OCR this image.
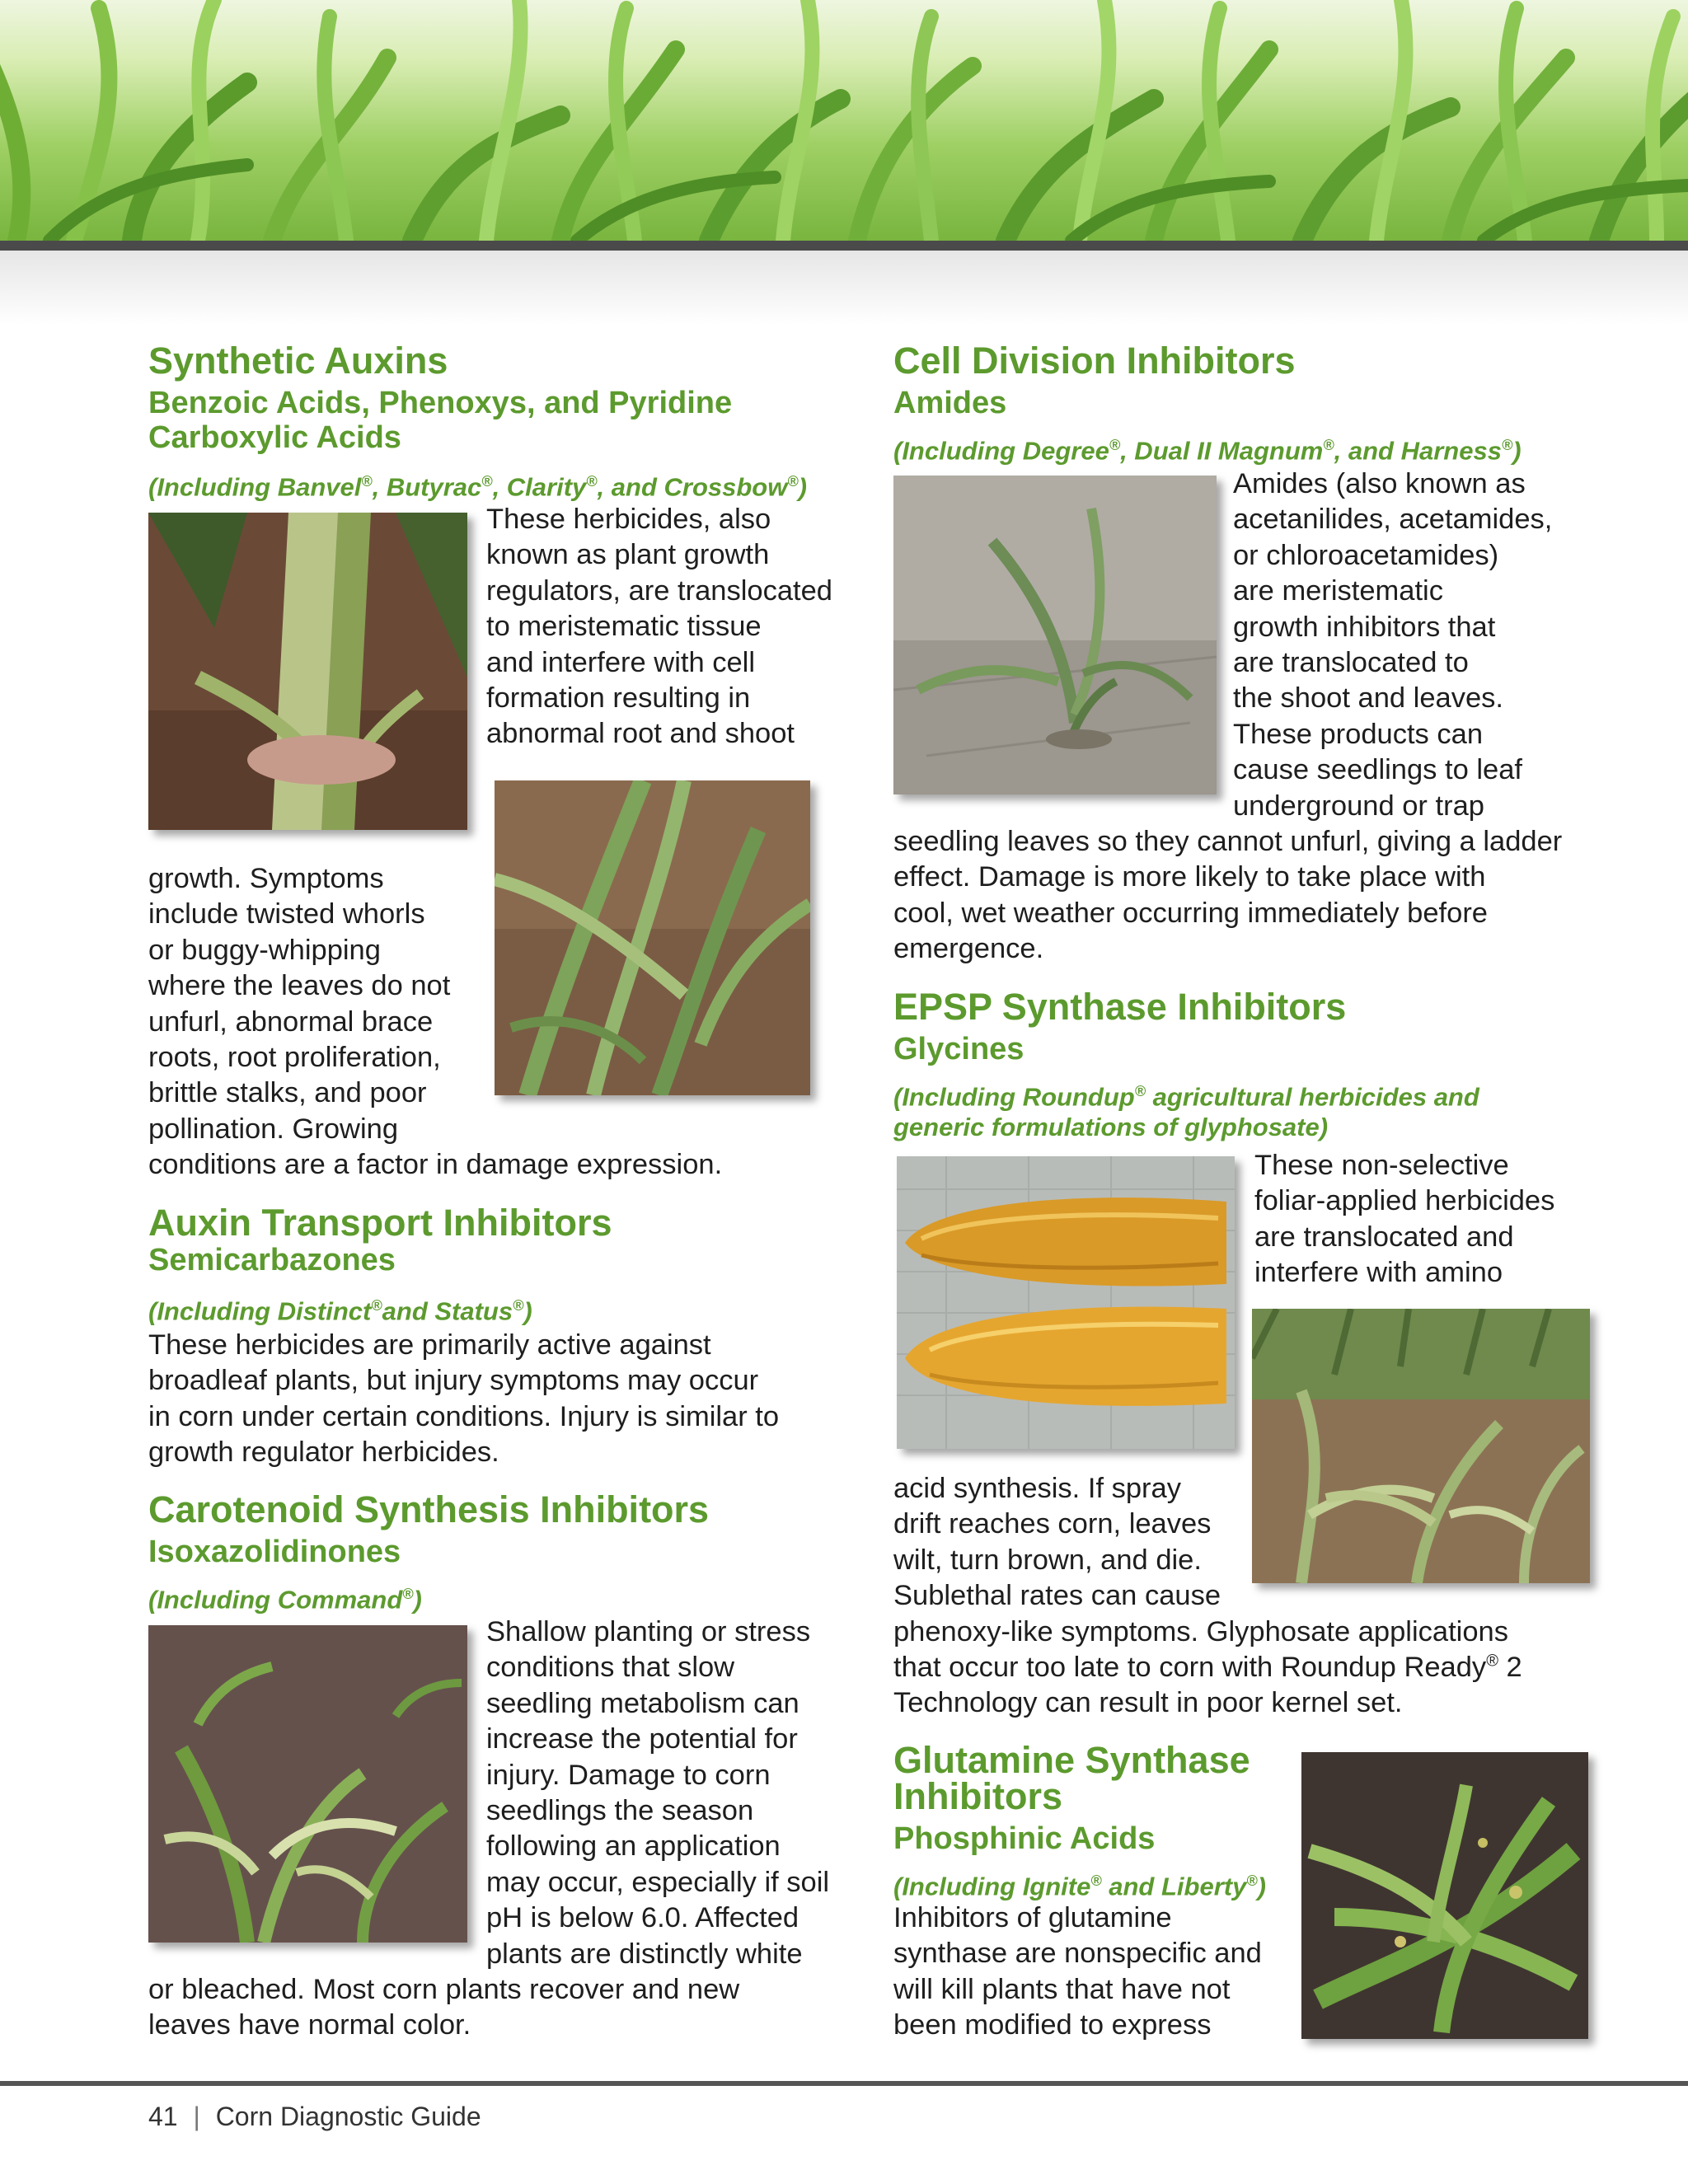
Synthetic Auxins
Benzoic Acids, Phenoxys, and Pyridine
Carboxylic Acids
(Including Banvel®, Butyrac®, Clarity®, and Crossbow®)
These herbicides, also
known as plant growth
regulators, are translocated
to meristematic tissue
and interfere with cell
formation resulting in
abnormal root and shoot
growth. Symptoms
include twisted whorls
or buggy-whipping
where the leaves do not
unfurl, abnormal brace
roots, root proliferation,
brittle stalks, and poor
pollination. Growing
conditions are a factor in damage expression.
Auxin Transport Inhibitors
Semicarbazones
(Including Distinct®and Status®)
These herbicides are primarily active against
broadleaf plants, but injury symptoms may occur
in corn under certain conditions. Injury is similar to
growth regulator herbicides.
Carotenoid Synthesis Inhibitors
Isoxazolidinones
(Including Command®)
Shallow planting or stress
conditions that slow
seedling metabolism can
increase the potential for
injury. Damage to corn
seedlings the season
following an application
may occur, especially if soil
pH is below 6.0. Affected
plants are distinctly white
or bleached. Most corn plants recover and new
leaves have normal color.
Cell Division Inhibitors
Amides
(Including Degree®, Dual II Magnum®, and Harness®)
Amides (also known as
acetanilides, acetamides,
or chloroacetamides)
are meristematic
growth inhibitors that
are translocated to
the shoot and leaves.
These products can
cause seedlings to leaf
underground or trap
seedling leaves so they cannot unfurl, giving a ladder
effect. Damage is more likely to take place with
cool, wet weather occurring immediately before
emergence.
EPSP Synthase Inhibitors
Glycines
(Including Roundup® agricultural herbicides and
generic formulations of glyphosate)
These non-selective
foliar-applied herbicides
are translocated and
interfere with amino
acid synthesis. If spray
drift reaches corn, leaves
wilt, turn brown, and die.
Sublethal rates can cause
phenoxy-like symptoms. Glyphosate applications
that occur too late to corn with Roundup Ready® 2
Technology can result in poor kernel set.
Glutamine Synthase
Inhibitors
Phosphinic Acids
(Including Ignite® and Liberty®)
Inhibitors of glutamine
synthase are nonspecific and
will kill plants that have not
been modified to express
41 | Corn Diagnostic Guide
